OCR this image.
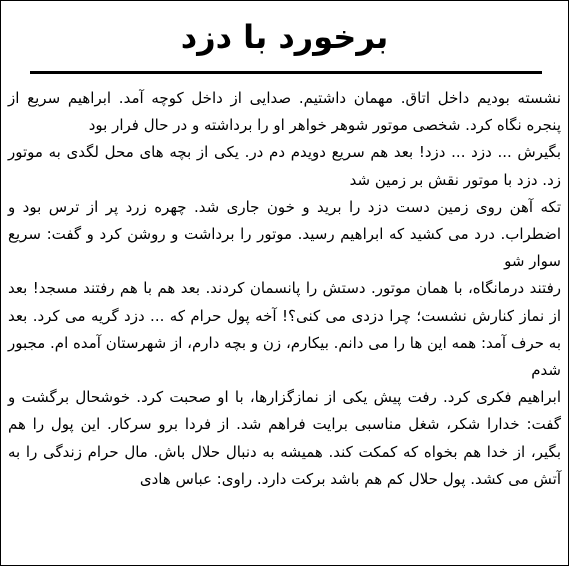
برخورد با دزد

نشسته بودیم داخل اتاق. مهمان داشتیم. صدایی از داخل کوچه آمد. ابراهیم سریع از پنجره نگاه کرد. شخصی موتور شوهر خواهر او را برداشته و در حال فرار بود

بگیرش ... دزد ... دزد! بعد هم سریع دویدم دم در. یکی از بچه های محل لگدی به موتور زد. دزد با موتور نقش بر زمین شد

تکه آهن روی زمین دست دزد را برید و خون جاری شد. چهره زرد پر از ترس بود و اضطراب. درد می کشید که ابراهیم رسید. موتور را برداشت و روشن کرد و گفت: سریع سوار شو

رفتند درمانگاه، با همان موتور. دستش را پانسمان کردند. بعد هم با هم رفتند مسجد! بعد از نماز کنارش نشست؛ چرا دزدی می کنی؟! آخه پول حرام که ... دزد گریه می کرد. بعد به حرف آمد: همه این ها را می دانم. بیکارم، زن و بچه دارم، از شهرستان آمده ام. مجبور شدم

ابراهیم فکری کرد. رفت پیش یکی از نمازگزارها، با او صحبت کرد. خوشحال برگشت و گفت: خدارا شکر، شغل مناسبی برایت فراهم شد. از فردا برو سرکار. این پول را هم بگیر، از خدا هم بخواه که کمکت کند. همیشه به دنبال حلال باش. مال حرام زندگی را به آتش می کشد. پول حلال کم هم باشد برکت دارد. راوی: عباس هادی
